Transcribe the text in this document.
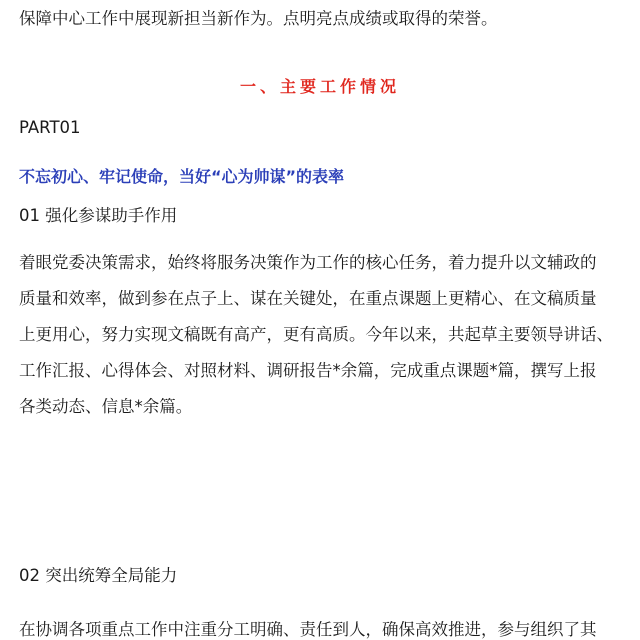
保障中心工作中展现新担当新作为。点明亮点成绩或取得的荣誉。
一、主要工作情况
PART01
不忘初心、牢记使命，当好“心为帅谋”的表率
01 强化参谋助手作用
着眼党委决策需求，始终将服务决策作为工作的核心任务，着力提升以文辅政的
质量和效率，做到参在点子上、谋在关键处，在重点课题上更精心、在文稿质量
上更用心，努力实现文稿既有高产，更有高质。今年以来，共起草主要领导讲话、
工作汇报、心得体会、对照材料、调研报告*余篇，完成重点课题*篇，撰写上报
各类动态、信息*余篇。
02 突出统筹全局能力
在协调各项重点工作中注重分工明确、责任到人，确保高效推进，参与组织了其
